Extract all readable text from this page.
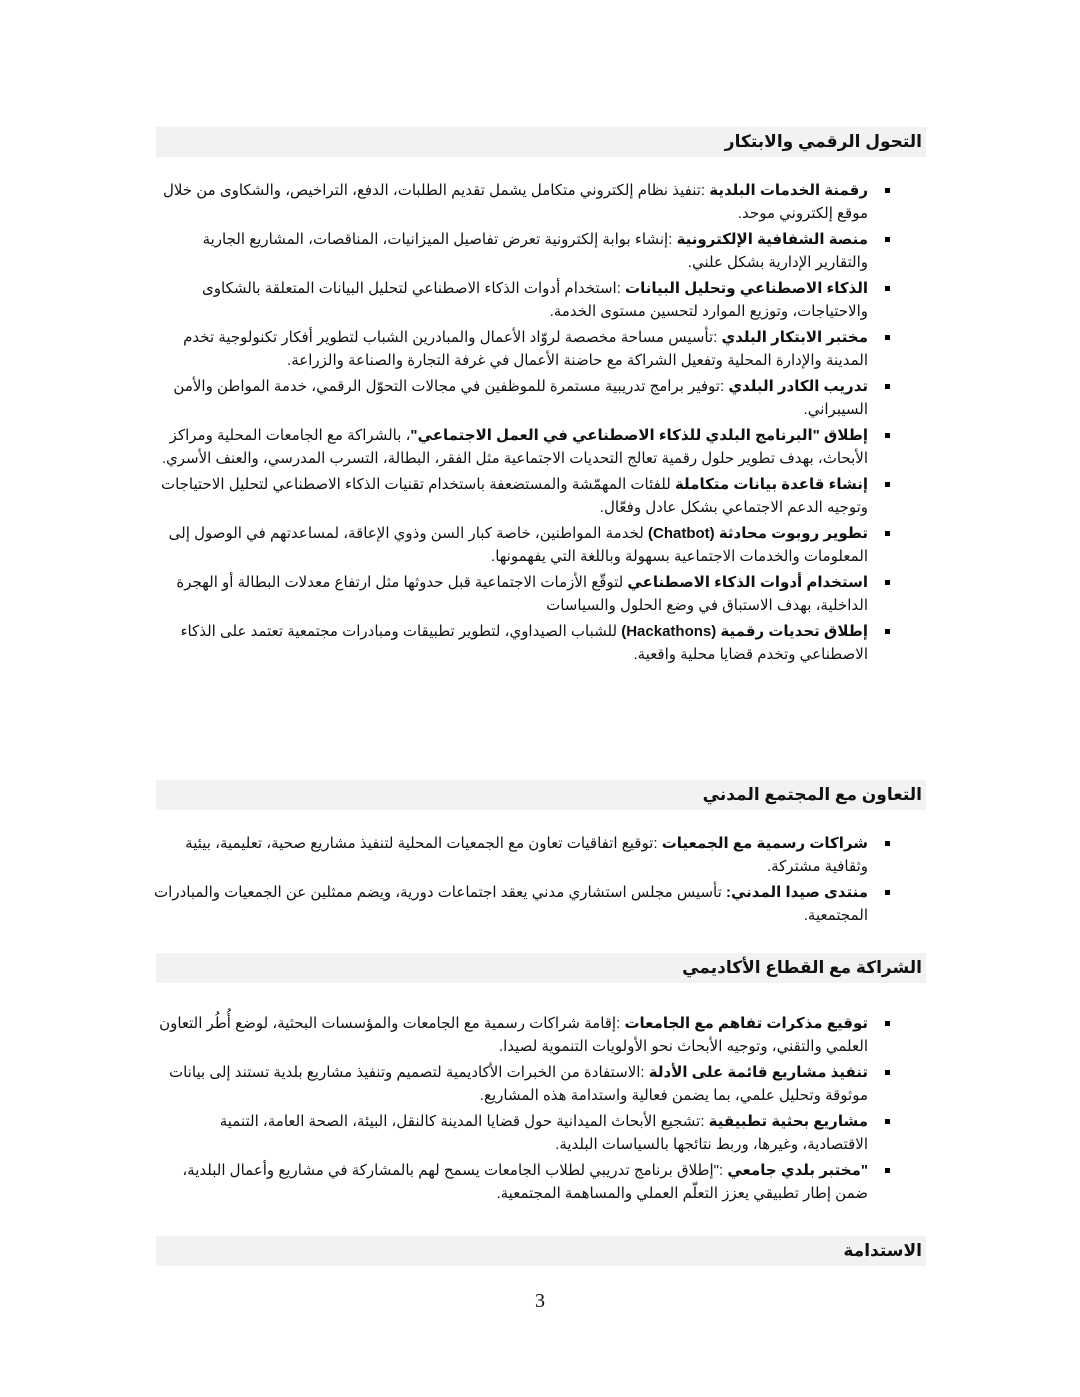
التحول الرقمي والابتكار
رقمنة الخدمات البلدية :تنفيذ نظام إلكتروني متكامل يشمل تقديم الطلبات، الدفع، التراخيص، والشكاوى من خلال موقع إلكتروني موحد.
منصة الشفافية الإلكترونية :إنشاء بوابة إلكترونية تعرض تفاصيل الميزانيات، المناقصات، المشاريع الجارية والتقارير الإدارية بشكل علني.
الذكاء الاصطناعي وتحليل البيانات :استخدام أدوات الذكاء الاصطناعي لتحليل البيانات المتعلقة بالشكاوى والاحتياجات، وتوزيع الموارد لتحسين مستوى الخدمة.
مختبر الابتكار البلدي :تأسيس مساحة مخصصة لروّاد الأعمال والمبادرين الشباب لتطوير أفكار تكنولوجية تخدم المدينة والإدارة المحلية وتفعيل الشراكة مع حاضنة الأعمال في غرفة التجارة والصناعة والزراعة.
تدريب الكادر البلدي :توفير برامج تدريبية مستمرة للموظفين في مجالات التحوّل الرقمي، خدمة المواطن والأمن السيبراني.
إطلاق "البرنامج البلدي للذكاء الاصطناعي في العمل الاجتماعي"، بالشراكة مع الجامعات المحلية ومراكز الأبحاث، بهدف تطوير حلول رقمية تعالج التحديات الاجتماعية مثل الفقر، البطالة، التسرب المدرسي، والعنف الأسري.
إنشاء قاعدة بيانات متكاملة للفئات المهمّشة والمستضعفة باستخدام تقنيات الذكاء الاصطناعي لتحليل الاحتياجات وتوجيه الدعم الاجتماعي بشكل عادل وفعّال.
تطوير روبوت محادثة (Chatbot) لخدمة المواطنين، خاصة كبار السن وذوي الإعاقة، لمساعدتهم في الوصول إلى المعلومات والخدمات الاجتماعية بسهولة وباللغة التي يفهمونها.
استخدام أدوات الذكاء الاصطناعي لتوقّع الأزمات الاجتماعية قبل حدوثها مثل ارتفاع معدلات البطالة أو الهجرة الداخلية، بهدف الاستباق في وضع الحلول والسياسات
إطلاق تحديات رقمية (Hackathons) للشباب الصيداوي، لتطوير تطبيقات ومبادرات مجتمعية تعتمد على الذكاء الاصطناعي وتخدم قضايا محلية واقعية.
التعاون مع المجتمع المدني
شراكات رسمية مع الجمعيات :توقيع اتفاقيات تعاون مع الجمعيات المحلية لتنفيذ مشاريع صحية، تعليمية، بيئية وثقافية مشتركة.
منتدى صيدا المدني: تأسيس مجلس استشاري مدني يعقد اجتماعات دورية، ويضم ممثلين عن الجمعيات والمبادرات المجتمعية.
الشراكة مع القطاع الأكاديمي
توقيع مذكرات تفاهم مع الجامعات :إقامة شراكات رسمية مع الجامعات والمؤسسات البحثية، لوضع أُطُر التعاون العلمي والتقني، وتوجيه الأبحاث نحو الأولويات التنموية لصيدا.
تنفيذ مشاريع قائمة على الأدلة :الاستفادة من الخبرات الأكاديمية لتصميم وتنفيذ مشاريع بلدية تستند إلى بيانات موثوقة وتحليل علمي، بما يضمن فعالية واستدامة هذه المشاريع.
مشاريع بحثية تطبيقية :تشجيع الأبحاث الميدانية حول قضايا المدينة كالنقل، البيئة، الصحة العامة، التنمية الاقتصادية، وغيرها، وربط نتائجها بالسياسات البلدية.
"مختبر بلدي جامعي :"إطلاق برنامج تدريبي لطلاب الجامعات يسمح لهم بالمشاركة في مشاريع وأعمال البلدية، ضمن إطار تطبيقي يعزز التعلّم العملي والمساهمة المجتمعية.
الاستدامة
3
